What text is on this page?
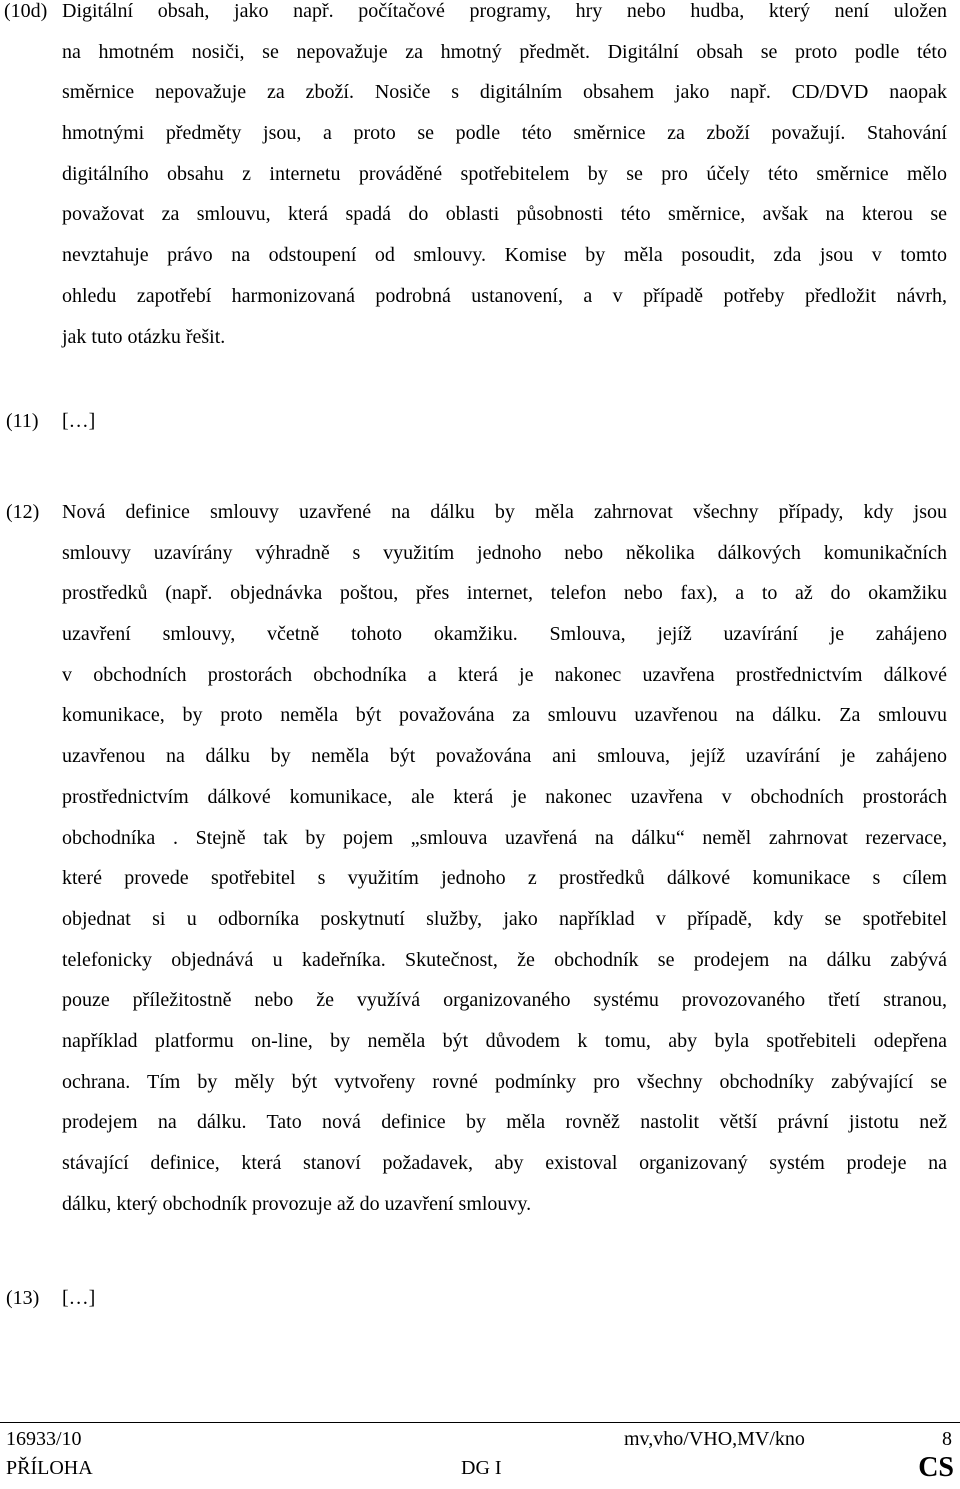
(10d) Digitální obsah, jako např. počítačové programy, hry nebo hudba, který není uložen
na hmotném nosiči, se nepovažuje za hmotný předmět. Digitální obsah se proto podle této
směrnice nepovažuje za zboží. Nosiče s digitálním obsahem jako např. CD/DVD naopak
hmotnými předměty jsou, a proto se podle této směrnice za zboží považují. Stahování
digitálního obsahu z internetu prováděné spotřebitelem by se pro účely této směrnice mělo
považovat za smlouvu, která spadá do oblasti působnosti této směrnice, avšak na kterou se
nevztahuje právo na odstoupení od smlouvy. Komise by měla posoudit, zda jsou v tomto
ohledu zapotřebí harmonizovaná podrobná ustanovení, a v případě potřeby předložit návrh,
jak tuto otázku řešit.
(11) […]
(12) Nová definice smlouvy uzavřené na dálku by měla zahrnovat všechny případy, kdy jsou
smlouvy uzavírány výhradně s využitím jednoho nebo několika dálkových komunikačních
prostředků (např. objednávka poštou, přes internet, telefon nebo fax), a to až do okamžiku
uzavření smlouvy, včetně tohoto okamžiku. Smlouva, jejíž uzavírání je zahájeno
v obchodních prostorách obchodníka a která je nakonec uzavřena prostřednictvím dálkové
komunikace, by proto neměla být považována za smlouvu uzavřenou na dálku. Za smlouvu
uzavřenou na dálku by neměla být považována ani smlouva, jejíž uzavírání je zahájeno
prostřednictvím dálkové komunikace, ale která je nakonec uzavřena v obchodních prostorách
obchodníka . Stejně tak by pojem „smlouva uzavřená na dálku“ neměl zahrnovat rezervace,
které provede spotřebitel s využitím jednoho z prostředků dálkové komunikace s cílem
objednat si u odborníka poskytnutí služby, jako například v případě, kdy se spotřebitel
telefonicky objednává u kadeřníka. Skutečnost, že obchodník se prodejem na dálku zabývá
pouze příležitostně nebo že využívá organizovaného systému provozovaného třetí stranou,
například platformu on-line, by neměla být důvodem k tomu, aby byla spotřebiteli odepřena
ochrana. Tím by měly být vytvořeny rovné podmínky pro všechny obchodníky zabývající se
prodejem na dálku. Tato nová definice by měla rovněž nastolit větší právní jistotu než
stávající definice, která stanoví požadavek, aby existoval organizovaný systém prodeje na
dálku, který obchodník provozuje až do uzavření smlouvy.
(13) […]
16933/10	mv,vho/VHO,MV/kno	8
PŘÍLOHA	DG I	CS
